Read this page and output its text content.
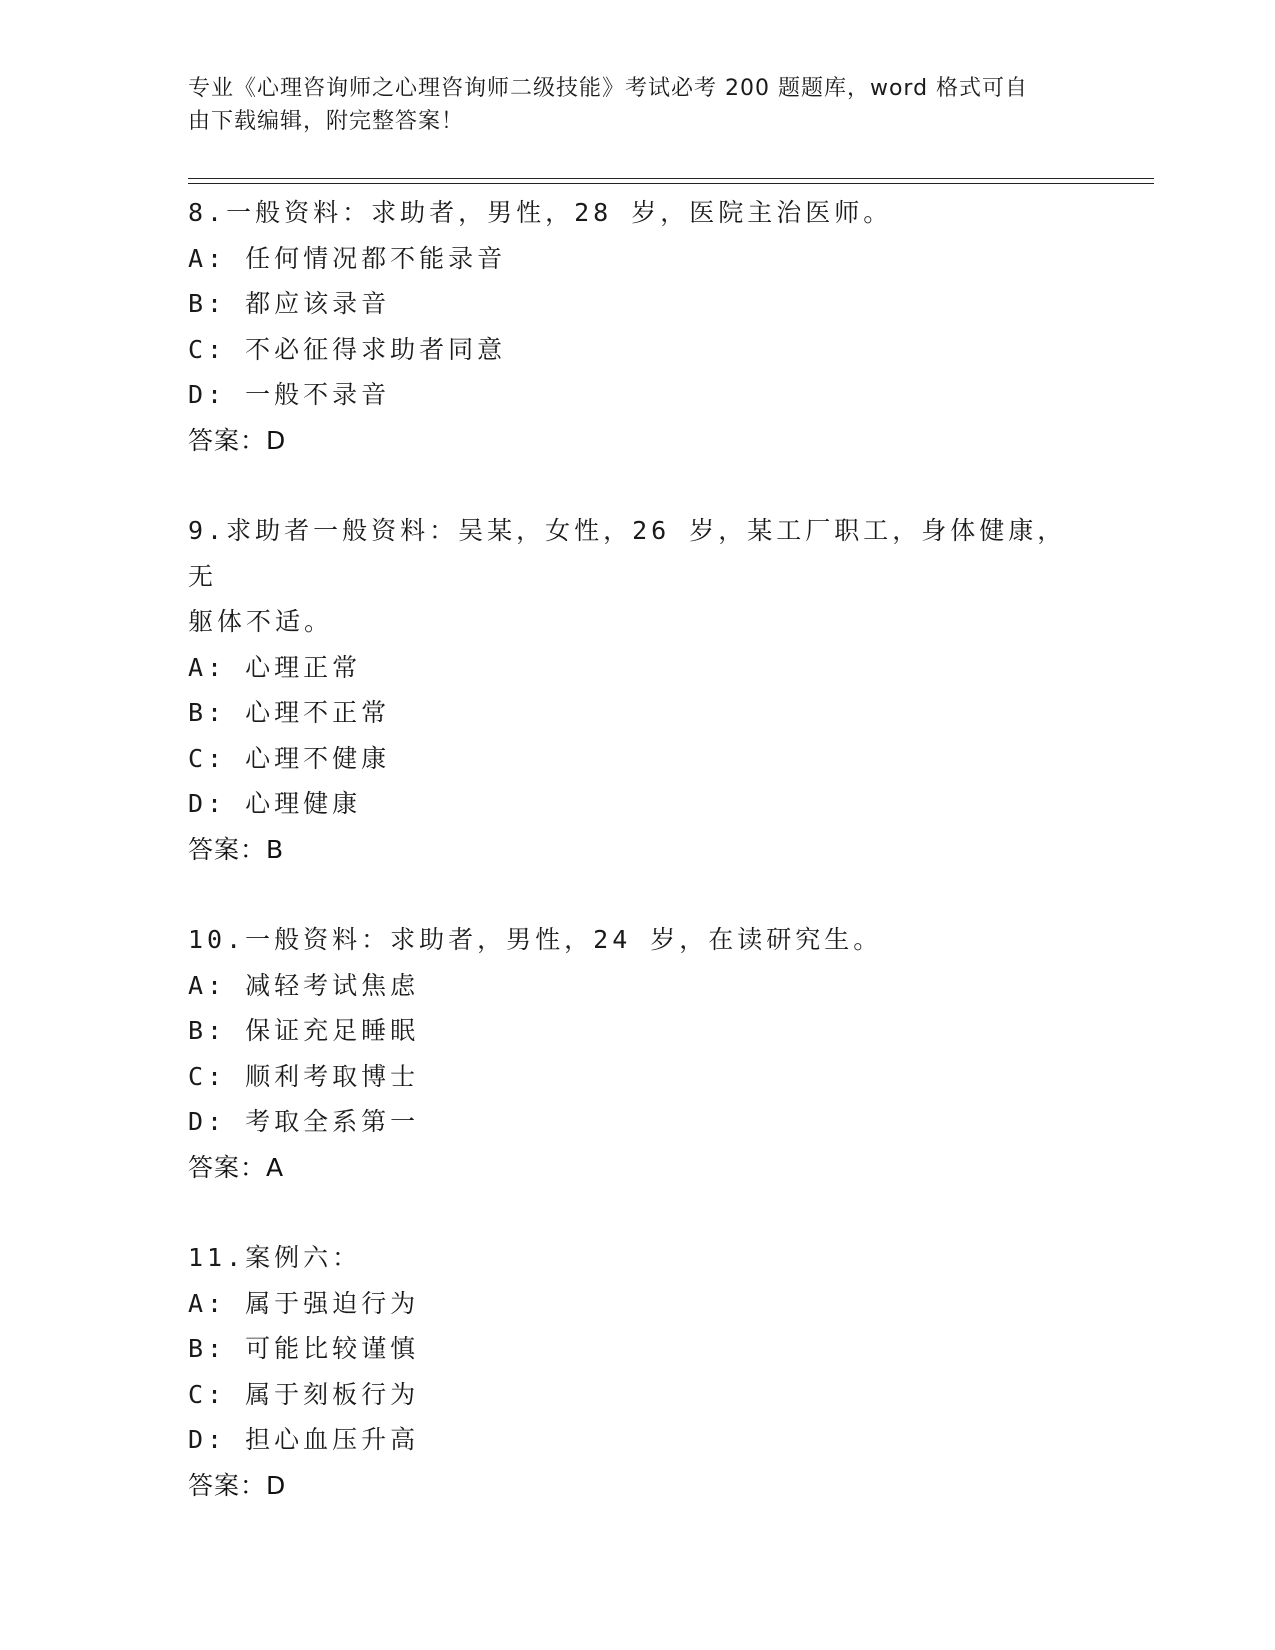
专业《心理咨询师之心理咨询师二级技能》考试必考 200 题题库，word 格式可自
由下载编辑，附完整答案！
8.一般资料：求助者，男性，28 岁，医院主治医师。
A: 任何情况都不能录音
B: 都应该录音
C: 不必征得求助者同意
D: 一般不录音
答案：D
9.求助者一般资料：吴某，女性，26 岁，某工厂职工，身体健康，无
躯体不适。
A: 心理正常
B: 心理不正常
C: 心理不健康
D: 心理健康
答案：B
10.一般资料：求助者，男性，24 岁，在读研究生。
A: 减轻考试焦虑
B: 保证充足睡眠
C: 顺利考取博士
D: 考取全系第一
答案：A
11.案例六：
A: 属于强迫行为
B: 可能比较谨慎
C: 属于刻板行为
D: 担心血压升高
答案：D
